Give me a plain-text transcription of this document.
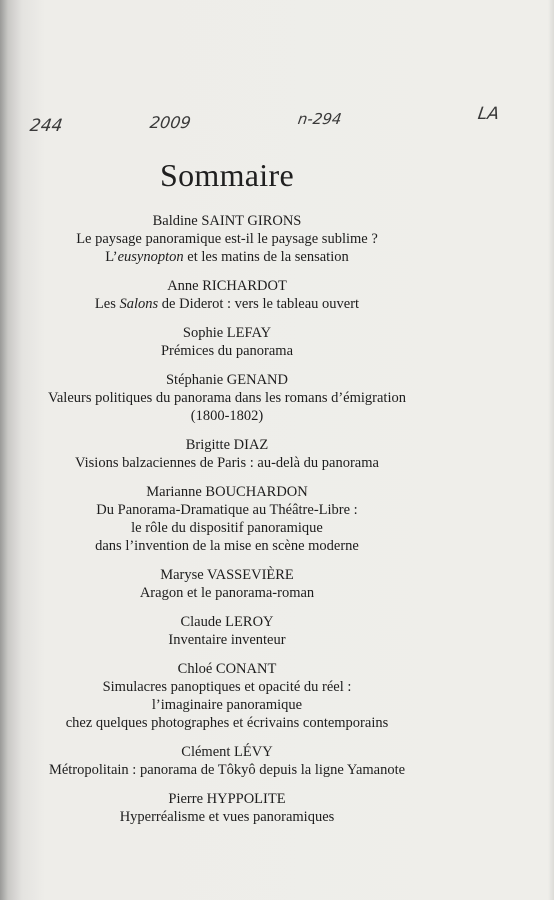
244	2009	n-294	LA
Sommaire
Baldine SAINT GIRONS
Le paysage panoramique est-il le paysage sublime ?
L’eusynopton et les matins de la sensation
Anne RICHARDOT
Les Salons de Diderot : vers le tableau ouvert
Sophie LEFAY
Prémices du panorama
Stéphanie GENAND
Valeurs politiques du panorama dans les romans d’émigration
(1800-1802)
Brigitte DIAZ
Visions balzaciennes de Paris : au-delà du panorama
Marianne BOUCHARDON
Du Panorama-Dramatique au Théâtre-Libre :
le rôle du dispositif panoramique
dans l’invention de la mise en scène moderne
Maryse VASSEVIÈRE
Aragon et le panorama-roman
Claude LEROY
Inventaire inventeur
Chloé CONANT
Simulacres panoptiques et opacité du réel :
l’imaginaire panoramique
chez quelques photographes et écrivains contemporains
Clément LÉVY
Métropolitain : panorama de Tôkyô depuis la ligne Yamanote
Pierre HYPPOLITE
Hyperréalisme et vues panoramiques
